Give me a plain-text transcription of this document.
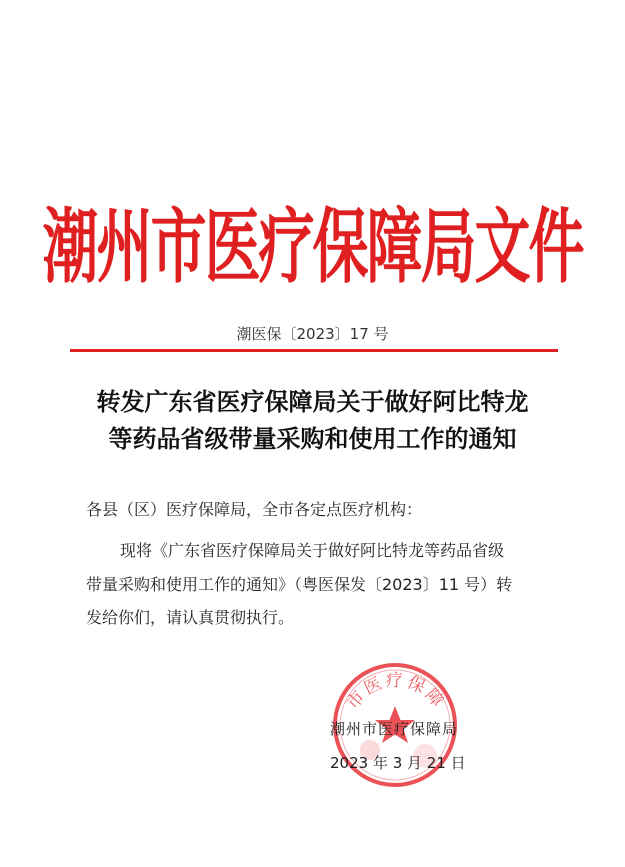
潮州市医疗保障局文件
潮医保〔2023〕17 号
转发广东省医疗保障局关于做好阿比特龙
等药品省级带量采购和使用工作的通知
各县（区）医疗保障局，全市各定点医疗机构：
现将《广东省医疗保障局关于做好阿比特龙等药品省级
带量采购和使用工作的通知》（粤医保发〔2023〕11 号）转
发给你们，请认真贯彻执行。
市医疗保障
潮州市医疗保障局
2023 年 3 月 21 日
